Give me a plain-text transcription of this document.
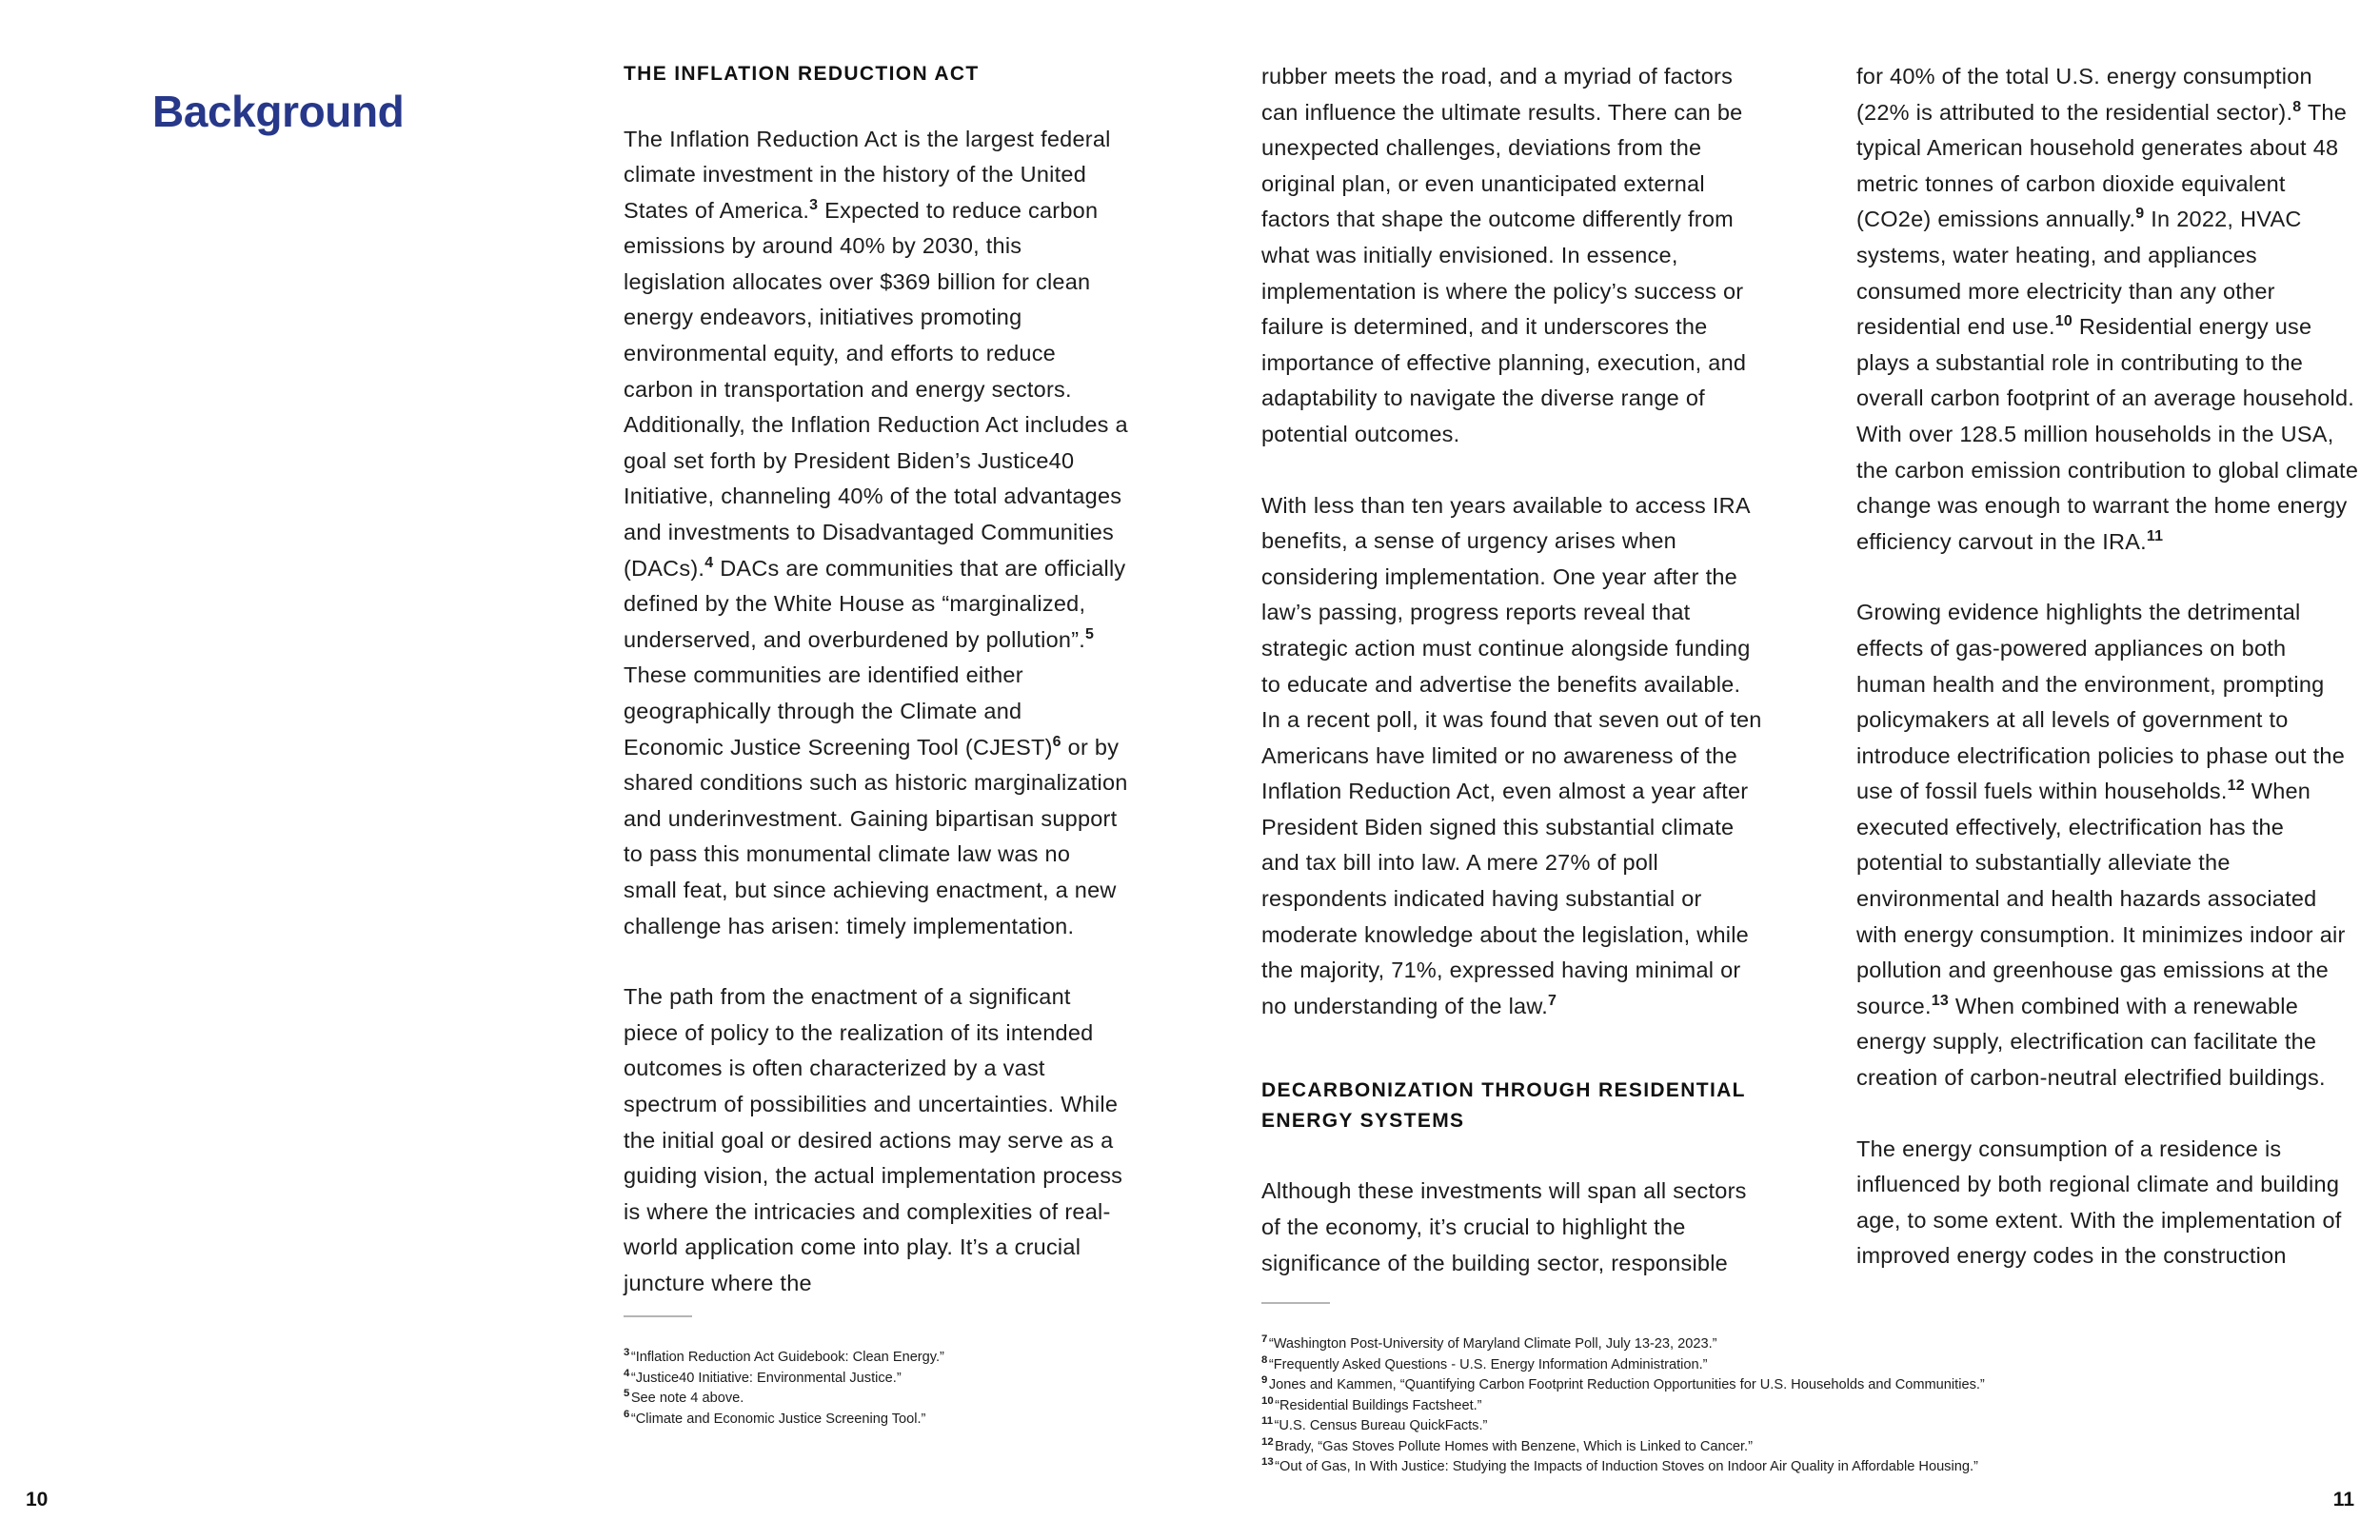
Background
THE INFLATION REDUCTION ACT

The Inflation Reduction Act is the largest federal climate investment in the history of the United States of America.$^3$ Expected to reduce carbon emissions by around 40% by 2030, this legislation allocates over $369 billion for clean energy endeavors, initiatives promoting environmental equity, and efforts to reduce carbon in transportation and energy sectors. Additionally, the Inflation Reduction Act includes a goal set forth by President Biden’s Justice40 Initiative, channeling 40% of the total advantages and investments to Disadvantaged Communities (DACs).$^4$ DACs are communities that are officially defined by the White House as “marginalized, underserved, and overburdened by pollution”.$^5$ These communities are identified either geographically through the Climate and Economic Justice Screening Tool (CJEST)$^6$ or by shared conditions such as historic marginalization and underinvestment. Gaining bipartisan support to pass this monumental climate law was no small feat, but since achieving enactment, a new challenge has arisen: timely implementation.

The path from the enactment of a significant piece of policy to the realization of its intended outcomes is often characterized by a vast spectrum of possibilities and uncertainties. While the initial goal or desired actions may serve as a guiding vision, the actual implementation process is where the intricacies and complexities of real-world application come into play. It’s a crucial juncture where the

rubber meets the road, and a myriad of factors can influence the ultimate results. There can be unexpected challenges, deviations from the original plan, or even unanticipated external factors that shape the outcome differently from what was initially envisioned. In essence, implementation is where the policy’s success or failure is determined, and it underscores the importance of effective planning, execution, and adaptability to navigate the diverse range of potential outcomes.

With less than ten years available to access IRA benefits, a sense of urgency arises when considering implementation. One year after the law’s passing, progress reports reveal that strategic action must continue alongside funding to educate and advertise the benefits available. In a recent poll, it was found that seven out of ten Americans have limited or no awareness of the Inflation Reduction Act, even almost a year after President Biden signed this substantial climate and tax bill into law. A mere 27% of poll respondents indicated having substantial or moderate knowledge about the legislation, while the majority, 71%, expressed having minimal or no understanding of the law.$^7$

DECARBONIZATION THROUGH RESIDENTIAL ENERGY SYSTEMS

Although these investments will span all sectors of the economy, it’s crucial to highlight the significance of the building sector, responsible

for 40% of the total U.S. energy consumption (22% is attributed to the residential sector).$^8$ The typical American household generates about 48 metric tonnes of carbon dioxide equivalent (CO2e) emissions annually.$^9$ In 2022, HVAC systems, water heating, and appliances consumed more electricity than any other residential end use.$^{10}$ Residential energy use plays a substantial role in contributing to the overall carbon footprint of an average household. With over 128.5 million households in the USA, the carbon emission contribution to global climate change was enough to warrant the home energy efficiency carvout in the IRA.$^{11}$

Growing evidence highlights the detrimental effects of gas-powered appliances on both human health and the environment, prompting policymakers at all levels of government to introduce electrification policies to phase out the use of fossil fuels within households.$^{12}$ When executed effectively, electrification has the potential to substantially alleviate the environmental and health hazards associated with energy consumption. It minimizes indoor air pollution and greenhouse gas emissions at the source.$^{13}$ When combined with a renewable energy supply, electrification can facilitate the creation of carbon-neutral electrified buildings.

The energy consumption of a residence is influenced by both regional climate and building age, to some extent. With the implementation of improved energy codes in the construction

$^3$ “Inflation Reduction Act Guidebook: Clean Energy.”
$^4$ “Justice40 Initiative: Environmental Justice.”
$^5$ See note 4 above.
$^6$ “Climate and Economic Justice Screening Tool.”
$^7$ “Washington Post-University of Maryland Climate Poll, July 13-23, 2023.”
$^8$ “Frequently Asked Questions - U.S. Energy Information Administration.”
$^9$ Jones and Kammen, “Quantifying Carbon Footprint Reduction Opportunities for U.S. Households and Communities.”
$^{10}$ “Residential Buildings Factsheet.”
$^{11}$ “U.S. Census Bureau QuickFacts.”
$^{12}$ Brady, “Gas Stoves Pollute Homes with Benzene, Which is Linked to Cancer.”
$^{13}$ “Out of Gas, In With Justice: Studying the Impacts of Induction Stoves on Indoor Air Quality in Affordable Housing.”
10	11
